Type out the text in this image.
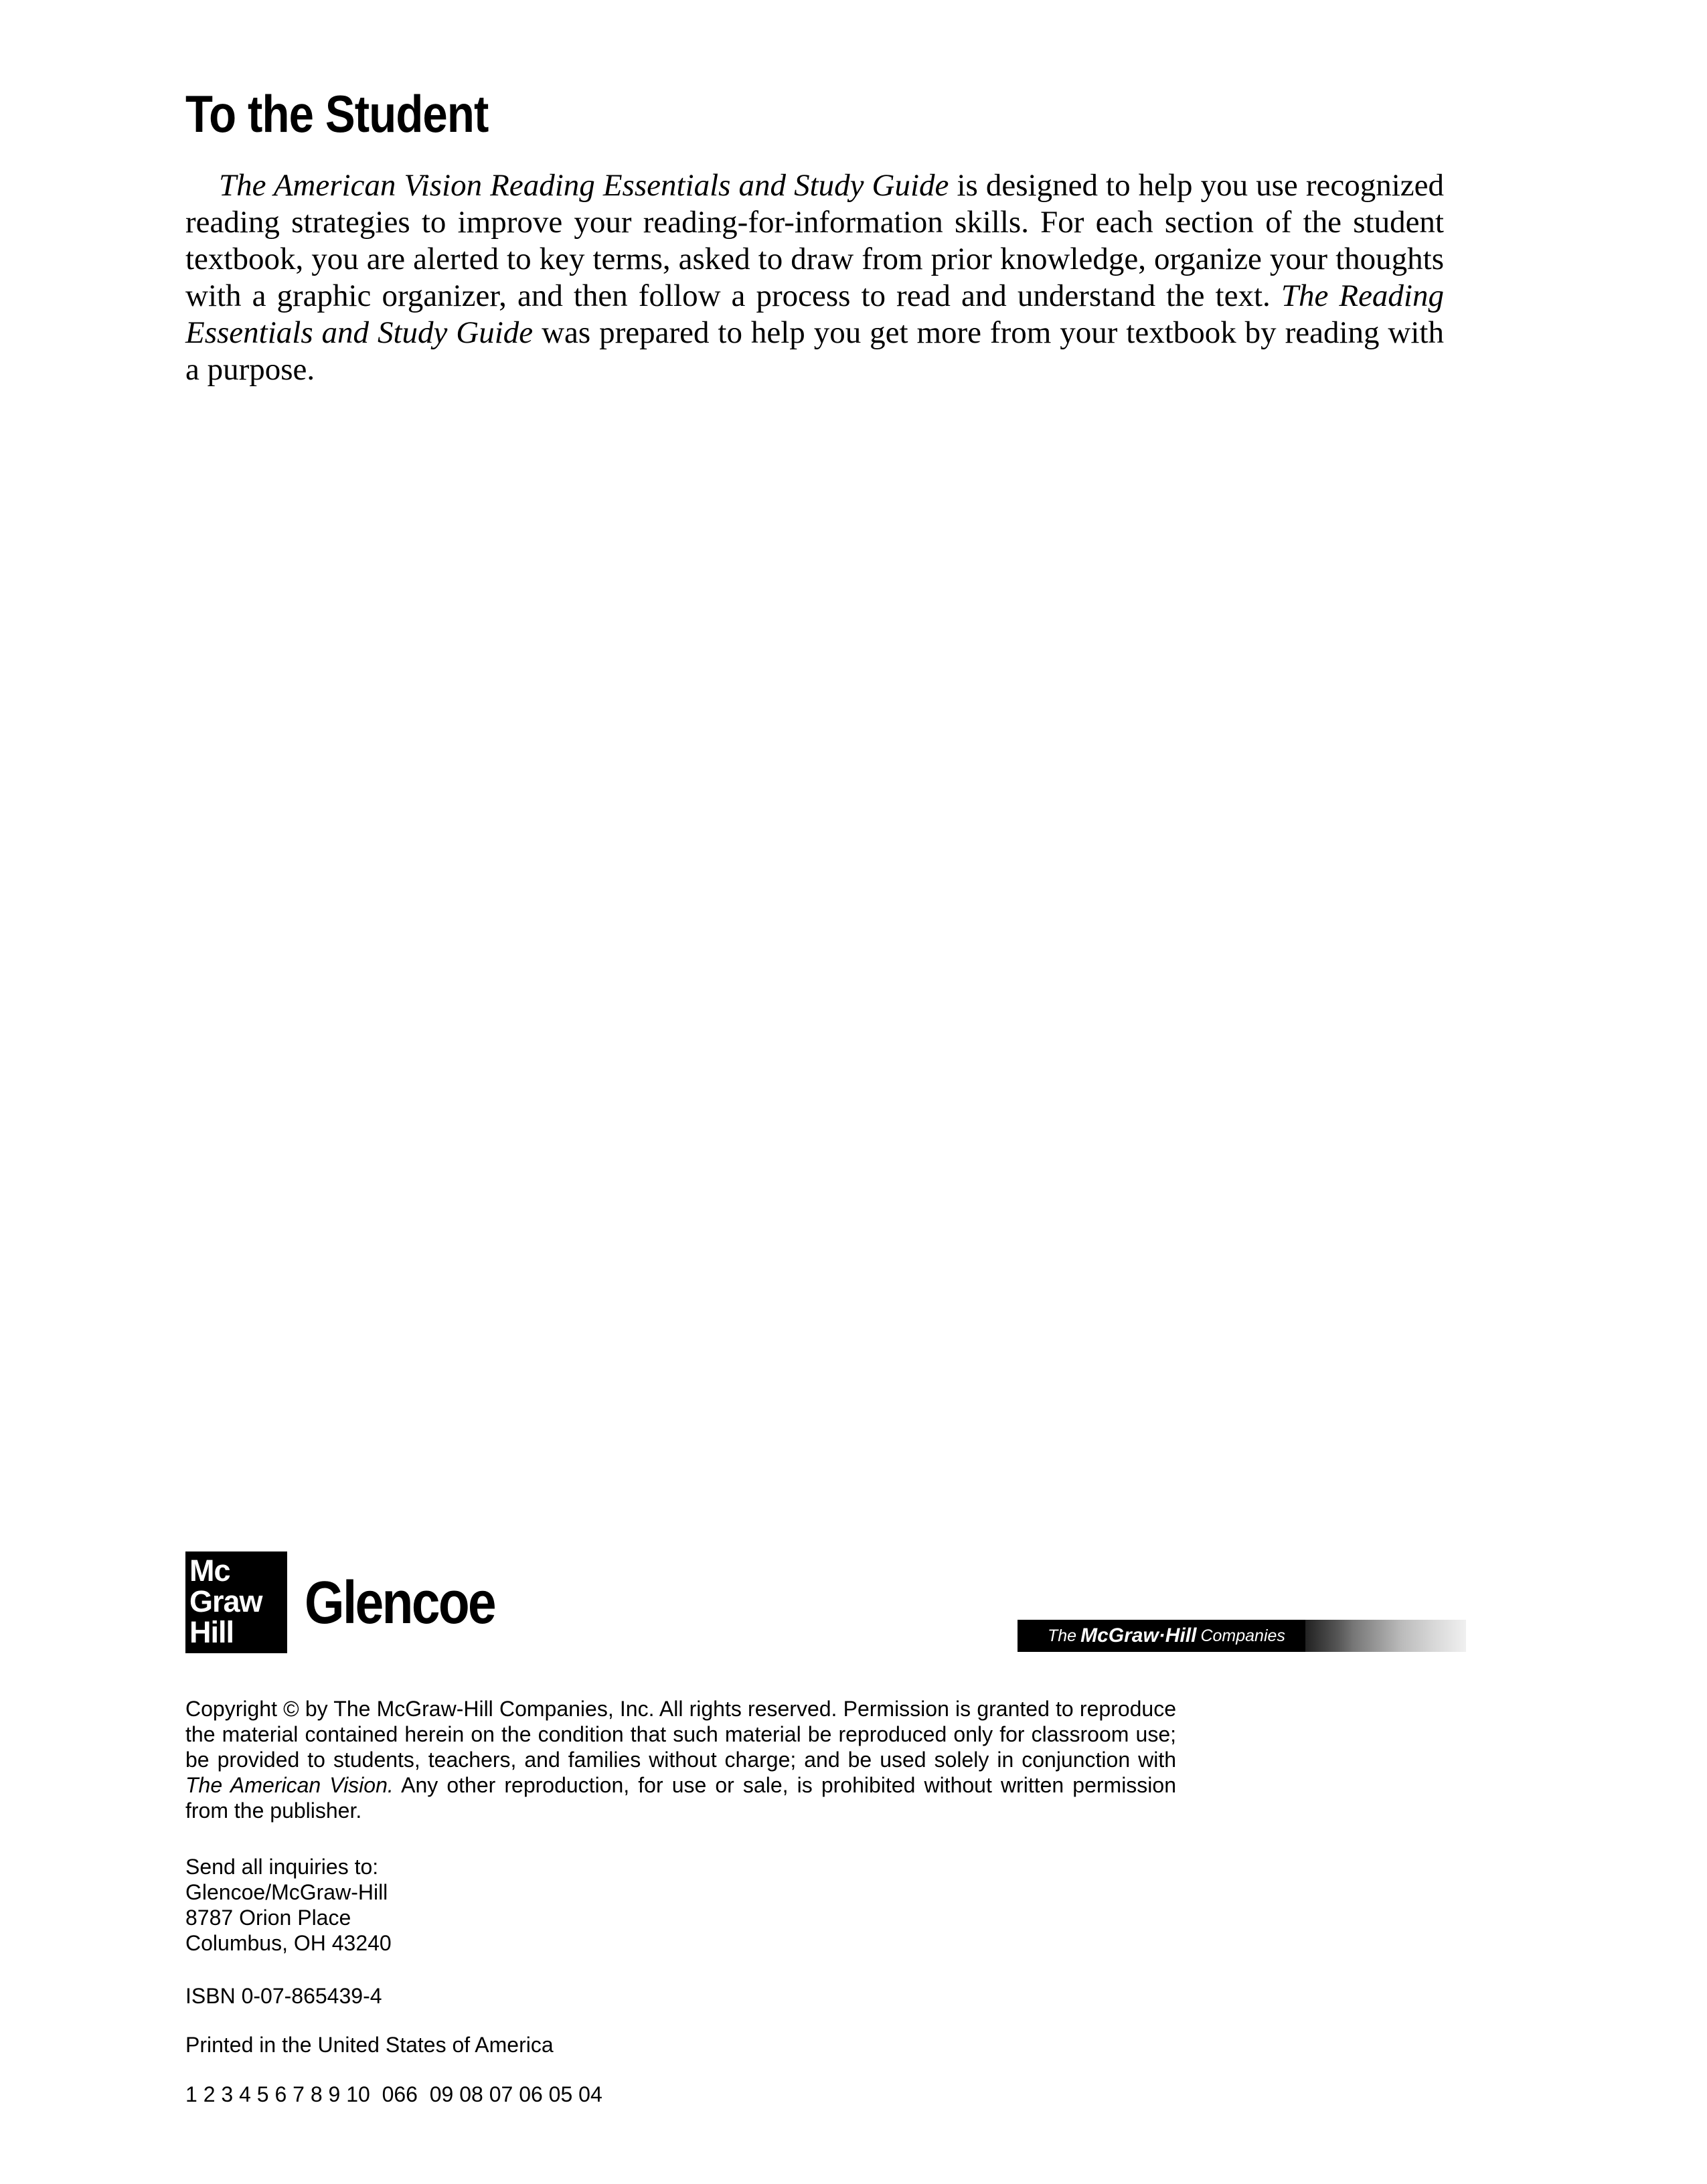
To the Student

The American Vision Reading Essentials and Study Guide is designed to help you use recognized reading strategies to improve your reading-for-information skills. For each section of the student textbook, you are alerted to key terms, asked to draw from prior knowledge, organize your thoughts with a graphic organizer, and then follow a process to read and understand the text. The Reading Essentials and Study Guide was prepared to help you get more from your textbook by reading with a purpose.

Mc
Graw
Hill	Glencoe	The McGraw·Hill Companies

Copyright © by The McGraw-Hill Companies, Inc. All rights reserved. Permission is granted to reproduce the material contained herein on the condition that such material be reproduced only for classroom use; be provided to students, teachers, and families without charge; and be used solely in conjunction with The American Vision. Any other reproduction, for use or sale, is prohibited without written permission from the publisher.

Send all inquiries to:
Glencoe/McGraw-Hill
8787 Orion Place
Columbus, OH 43240

ISBN 0-07-865439-4

Printed in the United States of America

1 2 3 4 5 6 7 8 9 10  066  09 08 07 06 05 04
